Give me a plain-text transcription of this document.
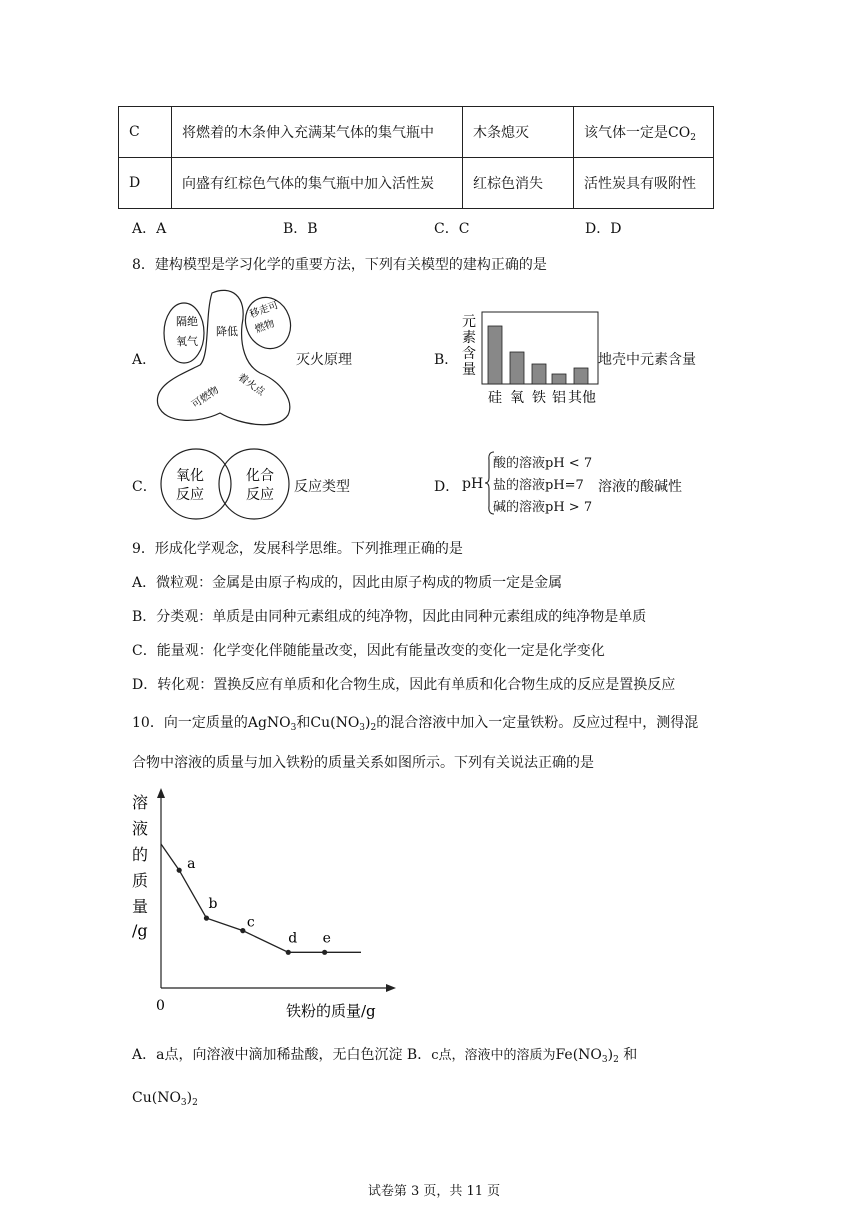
C	将燃着的木条伸入充满某气体的集气瓶中	木条熄灭	该气体一定是$CO_2$
D	向盛有红棕色气体的集气瓶中加入活性炭	红棕色消失	活性炭具有吸附性
A．A	B．B	C．C	D．D
8．建构模型是学习化学的重要方法，下列有关模型的建构正确的是
A．
隔绝
氧气
降低
移走可
燃物
可燃物 着火点
灭火原理	B．
元
素
含
量
硅 氧 铁 铝 其他
地壳中元素含量
C．
氧化
反应
化合
反应 反应类型	D． pH
酸的溶液pH < 7
盐的溶液pH=7
碱的溶液pH > 7
溶液的酸碱性
9．形成化学观念，发展科学思维。下列推理正确的是
A．微粒观：金属是由原子构成的，因此由原子构成的物质一定是金属
B．分类观：单质是由同种元素组成的纯净物，因此由同种元素组成的纯净物是单质
C．能量观：化学变化伴随能量改变，因此有能量改变的变化一定是化学变化
D．转化观：置换反应有单质和化合物生成，因此有单质和化合物生成的反应是置换反应
10．向一定质量的AgNO$_3$和$Cu(NO_3)_2$的混合溶液中加入一定量铁粉。反应过程中，测得混
合物中溶液的质量与加入铁粉的质量关系如图所示。下列有关说法正确的是
溶
液
的
质
量
/g
0	铁粉的质量/g
a
b
c
d e
A．a点，向溶液中滴加稀盐酸，无白色沉淀 B．c点，溶液中的溶质为$Fe(NO_3)_2$ 和
$Cu(NO_3)_2$
试卷第 3 页，共 11 页
